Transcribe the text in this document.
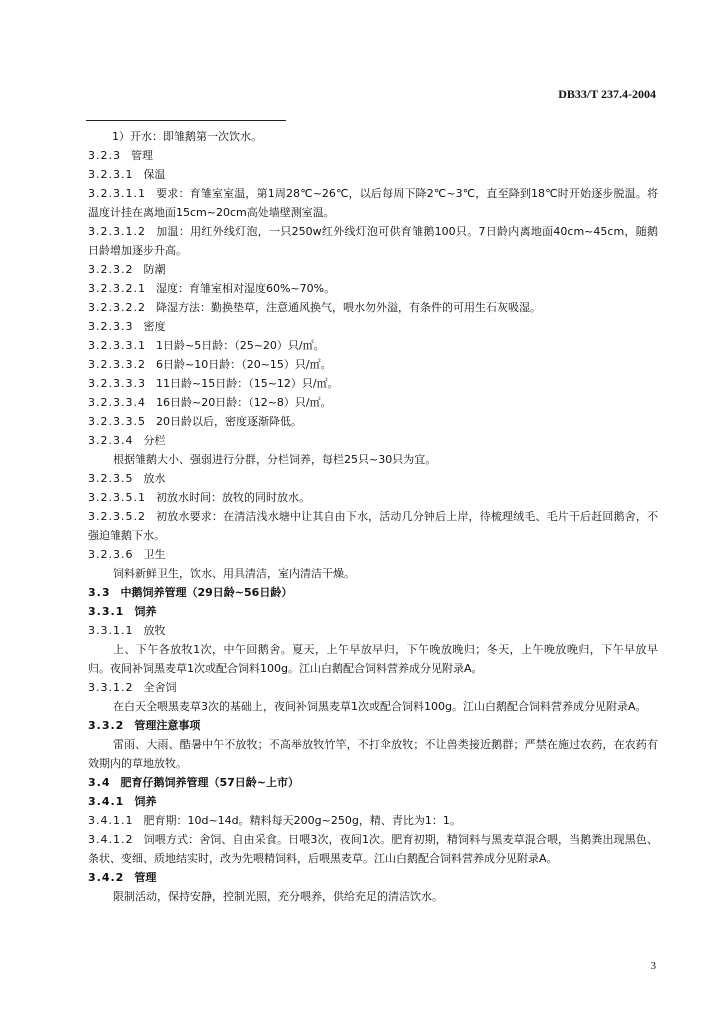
DB33/T 237.4-2004
1）开水：即雏鹅第一次饮水。
3.2.3 管理
3.2.3.1 保温
3.2.3.1.1 要求：育雏室室温，第1周28℃~26℃，以后每周下降2℃~3℃，直至降到18℃时开始逐步脱温。将温度计挂在离地面15cm~20cm高处墙壁测室温。
3.2.3.1.2 加温：用红外线灯泡，一只250w红外线灯泡可供育雏鹅100只。7日龄内离地面40cm~45cm，随鹅日龄增加逐步升高。
3.2.3.2 防潮
3.2.3.2.1 湿度：育雏室相对湿度60%~70%。
3.2.3.2.2 降湿方法：勤换垫草，注意通风换气，喂水勿外溢，有条件的可用生石灰吸湿。
3.2.3.3 密度
3.2.3.3.1 1日龄~5日龄：（25~20）只/㎡。
3.2.3.3.2 6日龄~10日龄：（20~15）只/㎡。
3.2.3.3.3 11日龄~15日龄：（15~12）只/㎡。
3.2.3.3.4 16日龄~20日龄：（12~8）只/㎡。
3.2.3.3.5 20日龄以后，密度逐渐降低。
3.2.3.4 分栏
根据雏鹅大小、强弱进行分群，分栏饲养，每栏25只~30只为宜。
3.2.3.5 放水
3.2.3.5.1 初放水时间：放牧的同时放水。
3.2.3.5.2 初放水要求：在清洁浅水塘中让其自由下水，活动几分钟后上岸，待梳理绒毛、毛片干后赶回鹅舍，不强迫雏鹅下水。
3.2.3.6 卫生
饲料新鲜卫生，饮水、用具清洁，室内清洁干燥。
3.3 中鹅饲养管理（29日龄~56日龄）
3.3.1 饲养
3.3.1.1 放牧
上、下午各放牧1次，中午回鹅舍。夏天，上午早放早归，下午晚放晚归；冬天，上午晚放晚归，下午早放早归。夜间补饲黑麦草1次或配合饲料100g。江山白鹅配合饲料营养成分见附录A。
3.3.1.2 全舍饲
在白天全喂黑麦草3次的基础上，夜间补饲黑麦草1次或配合饲料100g。江山白鹅配合饲料营养成分见附录A。
3.3.2 管理注意事项
雷雨、大雨、酷暑中午不放牧；不高举放牧竹竿，不打伞放牧；不让兽类接近鹅群；严禁在施过农药，在农药有效期内的草地放牧。
3.4 肥育仔鹅饲养管理（57日龄~上市）
3.4.1 饲养
3.4.1.1 肥育期：10d~14d。精料每天200g~250g，精、青比为1：1。
3.4.1.2 饲喂方式：舍饲、自由采食。日喂3次，夜间1次。肥育初期，精饲料与黑麦草混合喂，当鹅粪出现黑色、条状、变细、质地结实时，改为先喂精饲料，后喂黑麦草。江山白鹅配合饲料营养成分见附录A。
3.4.2 管理
限制活动，保持安静，控制光照，充分喂养，供给充足的清洁饮水。
3
